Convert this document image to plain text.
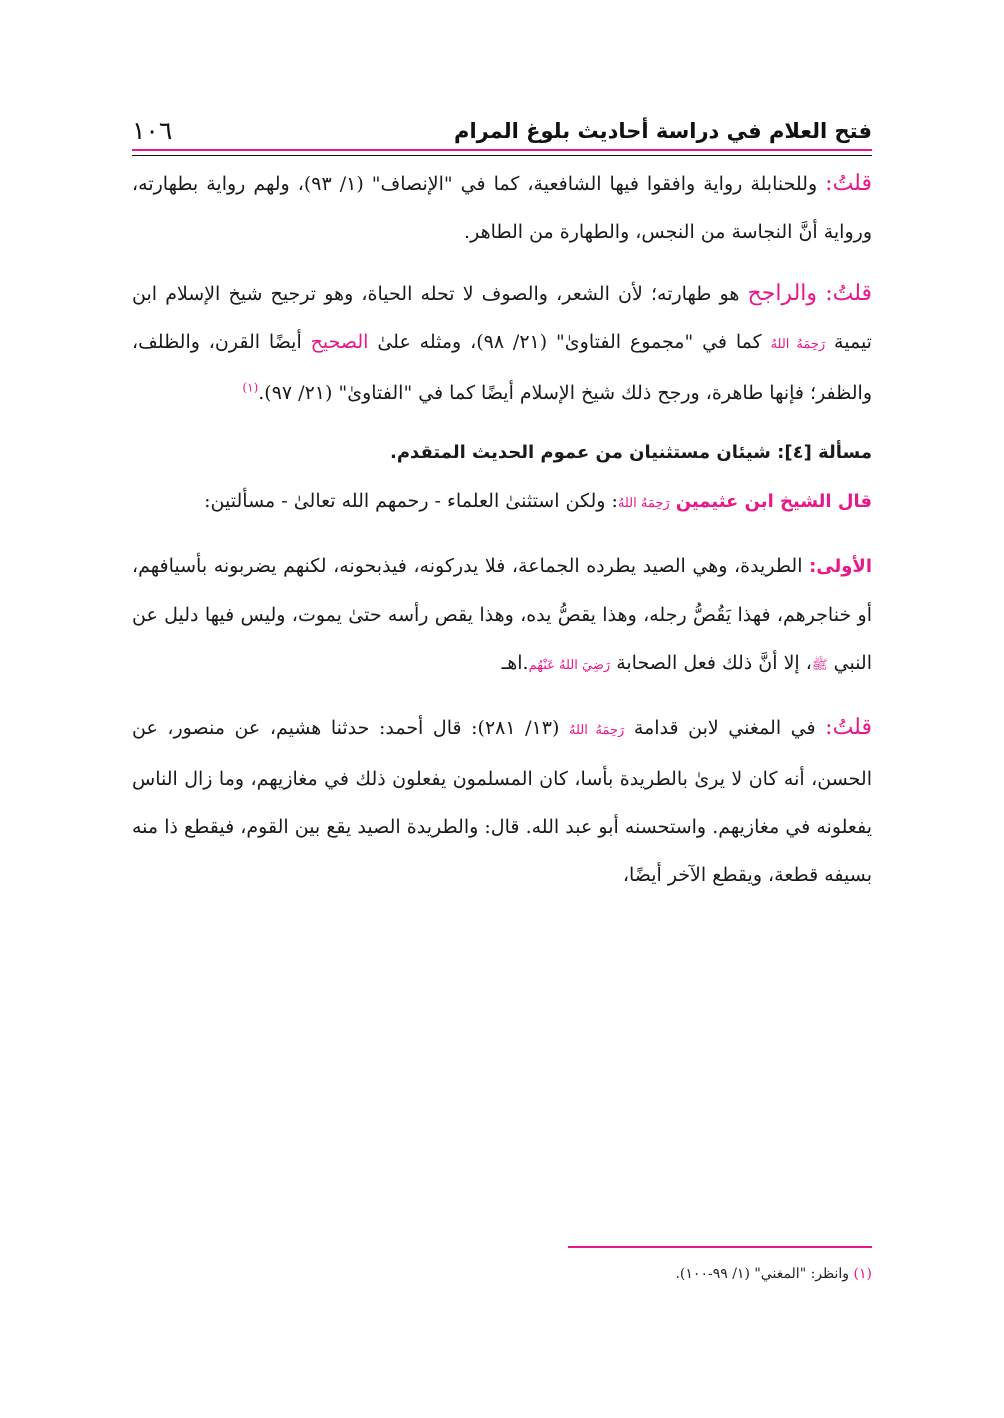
فتح العلام في دراسة أحاديث بلوغ المرام
١٠٦

قلتُ: وللحنابلة رواية وافقوا فيها الشافعية، كما في "الإنصاف" (١/ ٩٣)، ولهم رواية بطهارته، ورواية أنَّ النجاسة من النجس، والطهارة من الطاهر.

قلتُ: والراجح هو طهارته؛ لأن الشعر، والصوف لا تحله الحياة، وهو ترجيح شيخ الإسلام ابن تيمية رَحِمَهُ اللهُ كما في "مجموع الفتاوىٰ" (٢١/ ٩٨)، ومثله علىٰ الصحيح أيضًا القرن، والظلف، والظفر؛ فإنها طاهرة، ورجح ذلك شيخ الإسلام أيضًا كما في "الفتاوىٰ" (٢١/ ٩٧).$^{(١)}$

مسألة [٤]: شيئان مستثنيان من عموم الحديث المتقدم.

قال الشيخ ابن عثيمين رَحِمَهُ اللهُ: ولكن استثنىٰ العلماء - رحمهم الله تعالىٰ - مسألتين:

الأولى: الطريدة، وهي الصيد يطرده الجماعة، فلا يدركونه، فيذبحونه، لكنهم يضربونه بأسيافهم، أو خناجرهم، فهذا يَقُصُّ رجله، وهذا يقصُّ يده، وهذا يقص رأسه حتىٰ يموت، وليس فيها دليل عن النبي ﷺ، إلا أنَّ ذلك فعل الصحابة رَضِيَ اللهُ عَنْهُم.اهـ

قلتُ: في المغني لابن قدامة رَحِمَهُ اللهُ (١٣/ ٢٨١): قال أحمد: حدثنا هشيم، عن منصور، عن الحسن، أنه كان لا يرىٰ بالطريدة بأسا، كان المسلمون يفعلون ذلك في مغازيهم، وما زال الناس يفعلونه في مغازيهم. واستحسنه أبو عبد الله. قال: والطريدة الصيد يقع بين القوم، فيقطع ذا منه بسيفه قطعة، ويقطع الآخر أيضًا،

(١) وانظر: "المغني" (١/ ٩٩-١٠٠).
